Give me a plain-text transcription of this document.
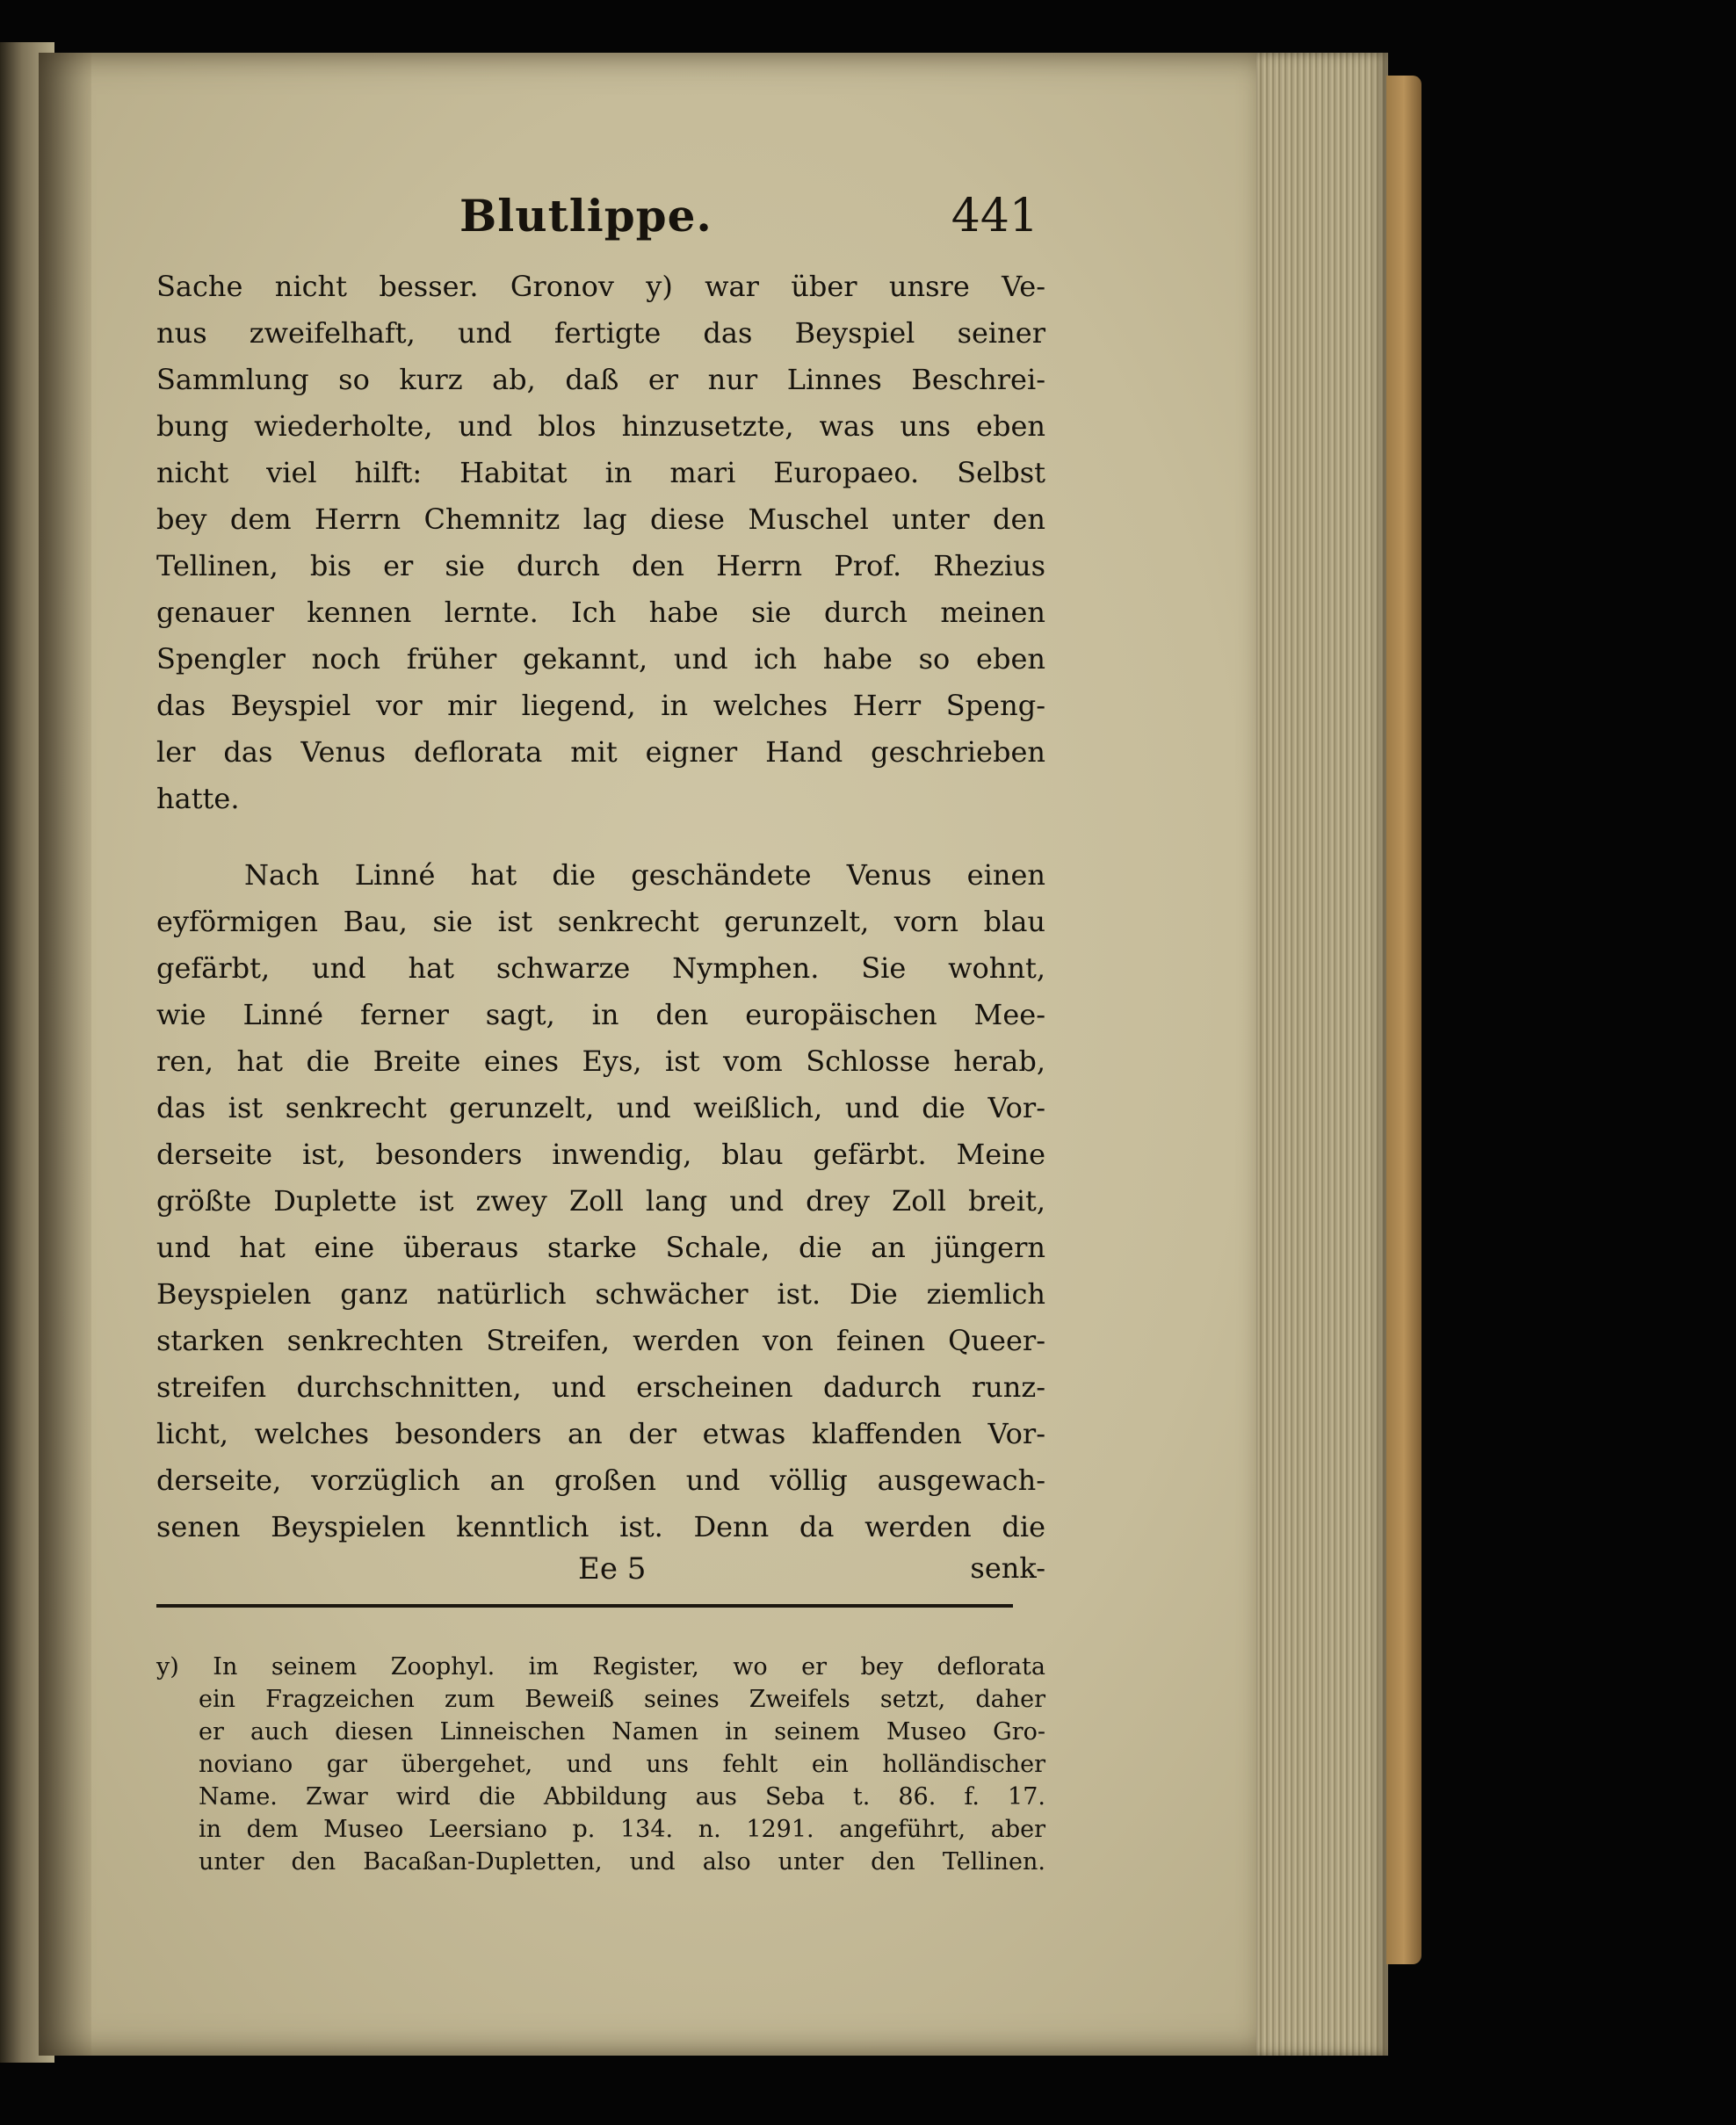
Blutlippe.	441
Sache nicht besser. Gronov y) war über unsre Ve-
nus zweifelhaft, und fertigte das Beyspiel seiner
Sammlung so kurz ab, daß er nur Linnes Beschrei-
bung wiederholte, und blos hinzusetzte, was uns eben
nicht viel hilft: Habitat in mari Europaeo. Selbst
bey dem Herrn Chemnitz lag diese Muschel unter den
Tellinen, bis er sie durch den Herrn Prof. Rhezius
genauer kennen lernte. Ich habe sie durch meinen
Spengler noch früher gekannt, und ich habe so eben
das Beyspiel vor mir liegend, in welches Herr Speng-
ler das Venus deflorata mit eigner Hand geschrieben
hatte.
Nach Linné hat die geschändete Venus einen
eyförmigen Bau, sie ist senkrecht gerunzelt, vorn blau
gefärbt, und hat schwarze Nymphen. Sie wohnt,
wie Linné ferner sagt, in den europäischen Mee-
ren, hat die Breite eines Eys, ist vom Schlosse herab,
das ist senkrecht gerunzelt, und weißlich, und die Vor-
derseite ist, besonders inwendig, blau gefärbt. Meine
größte Duplette ist zwey Zoll lang und drey Zoll breit,
und hat eine überaus starke Schale, die an jüngern
Beyspielen ganz natürlich schwächer ist. Die ziemlich
starken senkrechten Streifen, werden von feinen Queer-
streifen durchschnitten, und erscheinen dadurch runz-
licht, welches besonders an der etwas klaffenden Vor-
derseite, vorzüglich an großen und völlig ausgewach-
senen Beyspielen kenntlich ist. Denn da werden die
Ee 5	senk-
y) In seinem Zoophyl. im Register, wo er bey deflorata
ein Fragzeichen zum Beweiß seines Zweifels setzt, daher
er auch diesen Linneischen Namen in seinem Museo Gro-
noviano gar übergehet, und uns fehlt ein holländischer
Name. Zwar wird die Abbildung aus Seba t. 86. f. 17.
in dem Museo Leersiano p. 134. n. 1291. angeführt, aber
unter den Bacaßan-Dupletten, und also unter den Tellinen.
